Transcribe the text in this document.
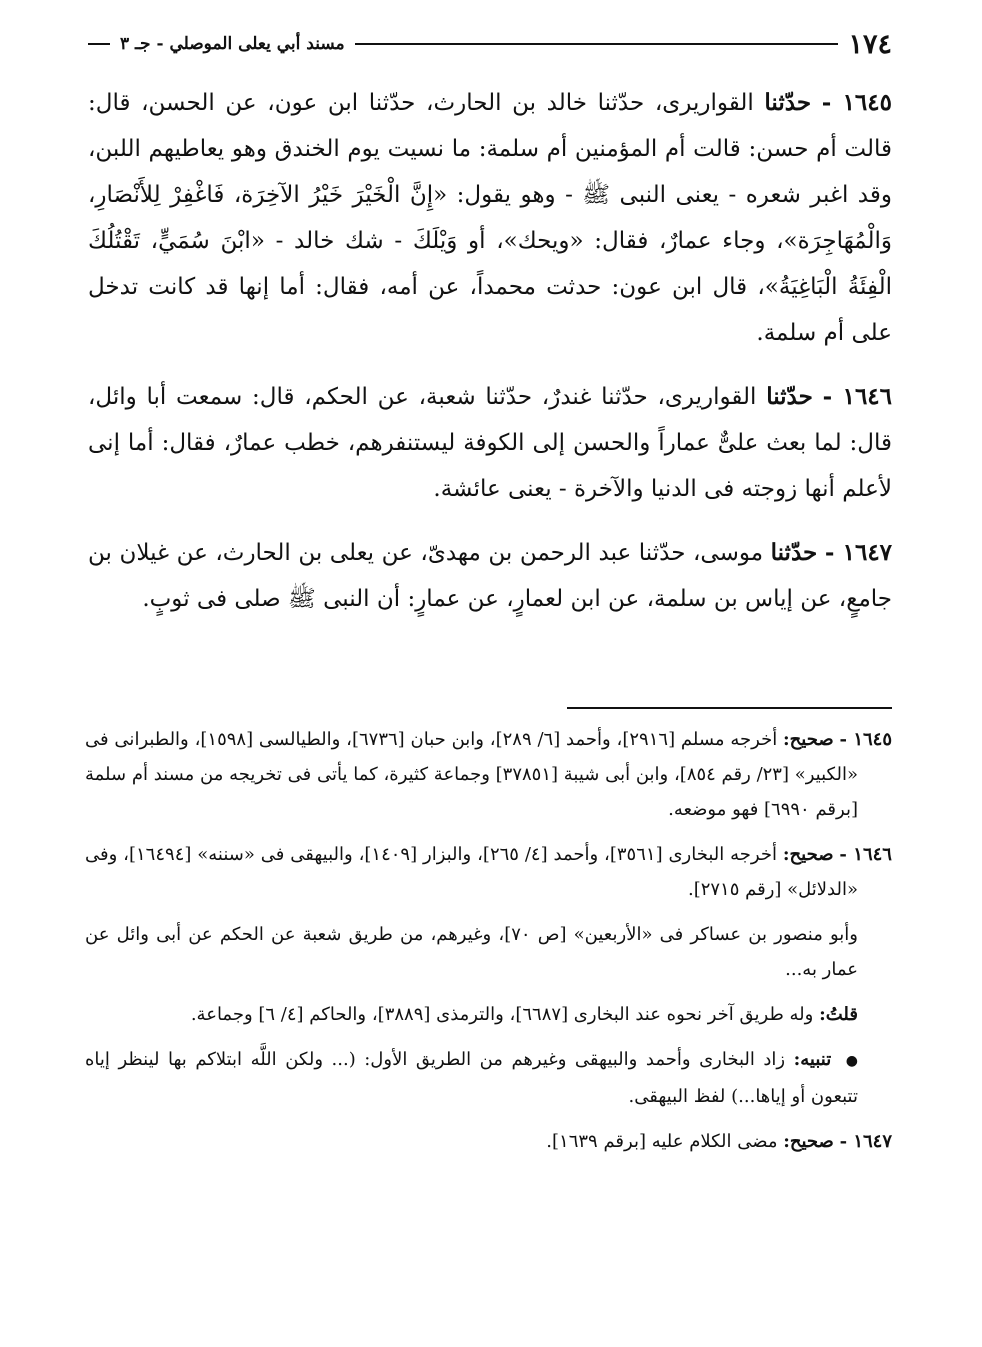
١٧٤
مسند أبي يعلى الموصلي - جـ ٣

١٦٤٥ - حدّثنا القواريرى، حدّثنا خالد بن الحارث، حدّثنا ابن عون، عن الحسن، قال: قالت أم حسن: قالت أم المؤمنين أم سلمة: ما نسيت يوم الخندق وهو يعاطيهم اللبن، وقد اغبر شعره - يعنى النبى ﷺ - وهو يقول: «إِنَّ الْخَيْرَ خَيْرُ الآخِرَة، فَاغْفِرْ لِلأَنْصَارِ، وَالْمُهَاجِرَة»، وجاء عمارٌ، فقال: «ويحك»، أو وَيْلَكَ - شك خالد - «ابْنَ سُمَيٍّ، تَقْتُلُكَ الْفِئَةُ الْبَاغِيَةُ»، قال ابن عون: حدثت محمداً، عن أمه، فقال: أما إنها قد كانت تدخل على أم سلمة.

١٦٤٦ - حدّثنا القواريرى، حدّثنا غندرٌ، حدّثنا شعبة، عن الحكم، قال: سمعت أبا وائل، قال: لما بعث علىٌّ عماراً والحسن إلى الكوفة ليستنفرهم، خطب عمارٌ، فقال: أما إنى لأعلم أنها زوجته فى الدنيا والآخرة - يعنى عائشة.

١٦٤٧ - حدّثنا موسى، حدّثنا عبد الرحمن بن مهدىّ، عن يعلى بن الحارث، عن غيلان بن جامعٍ، عن إياس بن سلمة، عن ابن لعمارٍ، عن عمارٍ: أن النبى ﷺ صلى فى ثوبٍ.

١٦٤٥ - صحيح: أخرجه مسلم [٢٩١٦]، وأحمد [٦/ ٢٨٩]، وابن حبان [٦٧٣٦]، والطيالسى [١٥٩٨]، والطبرانى فى «الكبير» [٢٣/ رقم ٨٥٤]، وابن أبى شيبة [٣٧٨٥١] وجماعة كثيرة، كما يأتى فى تخريجه من مسند أم سلمة [برقم ٦٩٩٠] فهو موضعه.

١٦٤٦ - صحيح: أخرجه البخارى [٣٥٦١]، وأحمد [٤/ ٢٦٥]، والبزار [١٤٠٩]، والبيهقى فى «سننه» [١٦٤٩٤]، وفى «الدلائل» [رقم ٢٧١٥].

وأبو منصور بن عساكر فى «الأربعين» [ص ٧٠]، وغيرهم، من طريق شعبة عن الحكم عن أبى وائل عن عمار به...

قلتُ: وله طريق آخر نحوه عند البخارى [٦٦٨٧]، والترمذى [٣٨٨٩]، والحاكم [٤/ ٦] وجماعة.

● تنبيه: زاد البخارى وأحمد والبيهقى وغيرهم من الطريق الأول: (... ولكن اللَّه ابتلاكم بها لينظر إياه تتبعون أو إياها...) لفظ البيهقى.

١٦٤٧ - صحيح: مضى الكلام عليه [برقم ١٦٣٩].
